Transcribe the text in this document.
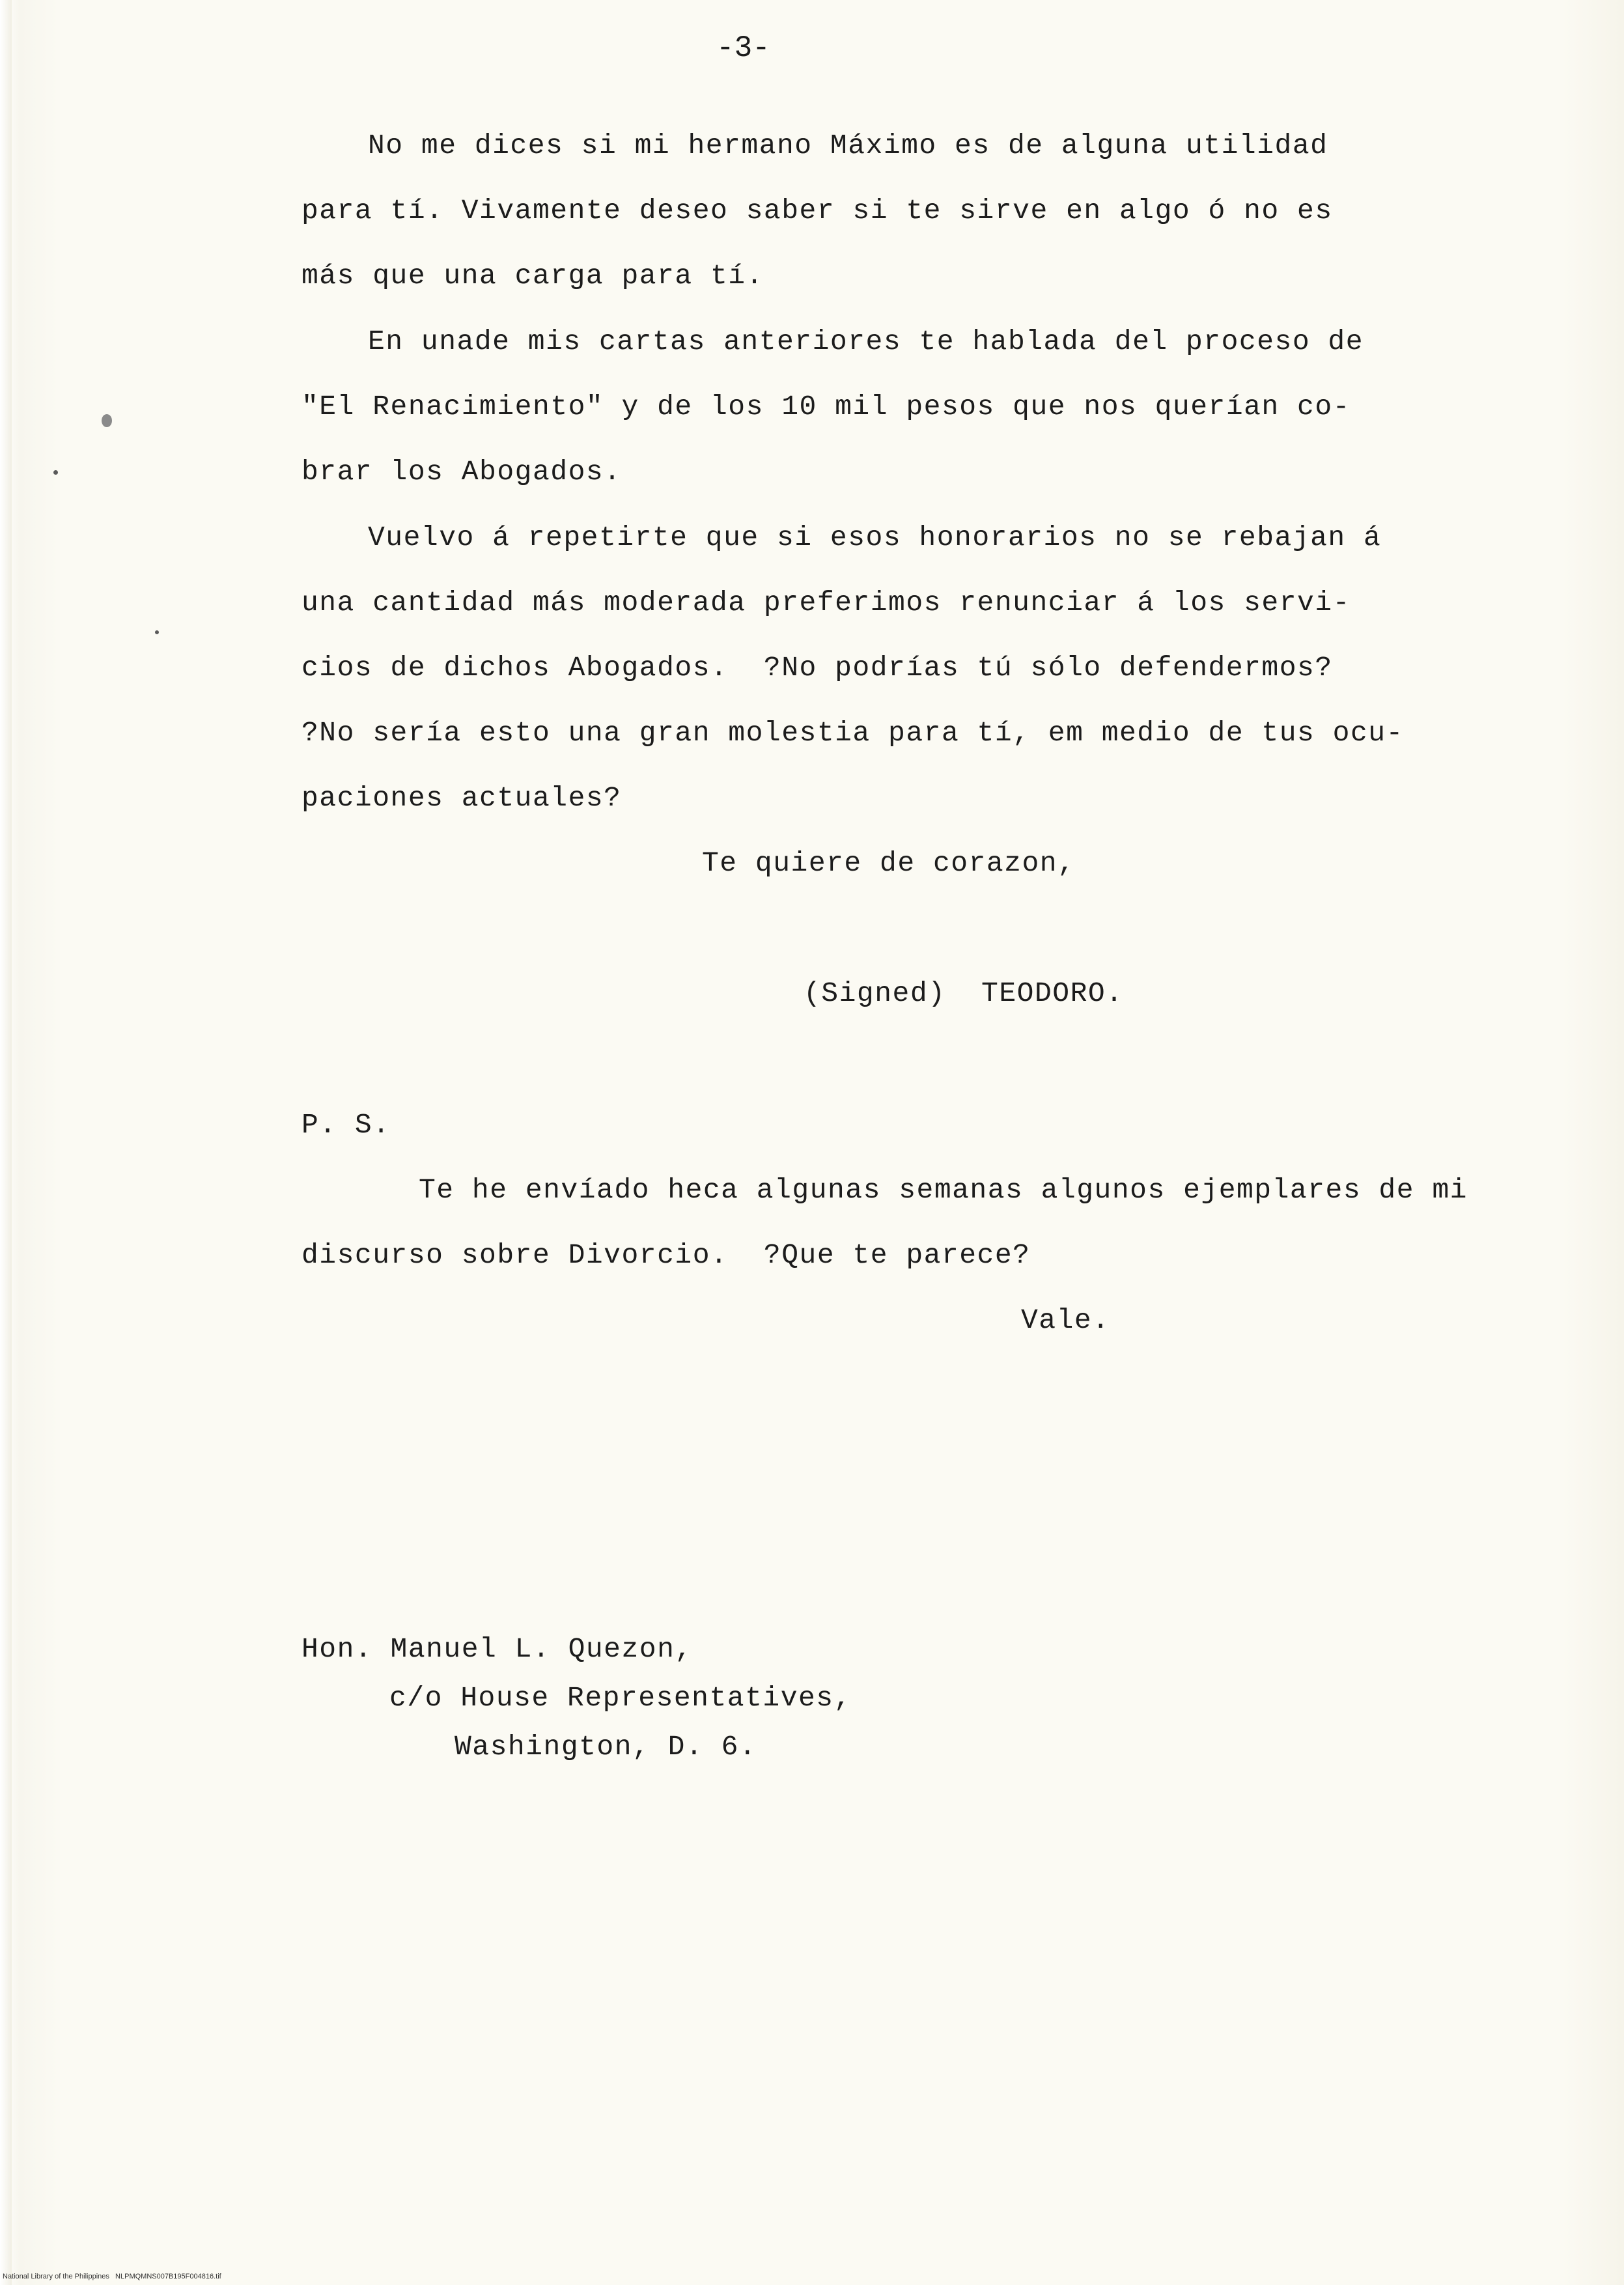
-3-
No me dices si mi hermano Máximo es de alguna utilidad
para tí. Vivamente deseo saber si te sirve en algo ó no es
más que una carga para tí.
En unade mis cartas anteriores te hablada del proceso de
"El Renacimiento" y de los 10 mil pesos que nos querían co-
brar los Abogados.
Vuelvo á repetirte que si esos honorarios no se rebajan á
una cantidad más moderada preferimos renunciar á los servi-
cios de dichos Abogados.  ?No podrías tú sólo defendermos?
?No sería esto una gran molestia para tí, em medio de tus ocu-
paciones actuales?
Te quiere de corazon,
(Signed)  TEODORO.
P. S.
Te he envíado heca algunas semanas algunos ejemplares de mi
discurso sobre Divorcio.  ?Que te parece?
Vale.
Hon. Manuel L. Quezon,
c/o House Representatives,
Washington, D. 6.
National Library of the Philippines NLPMQMNS007B195F004816.tif
